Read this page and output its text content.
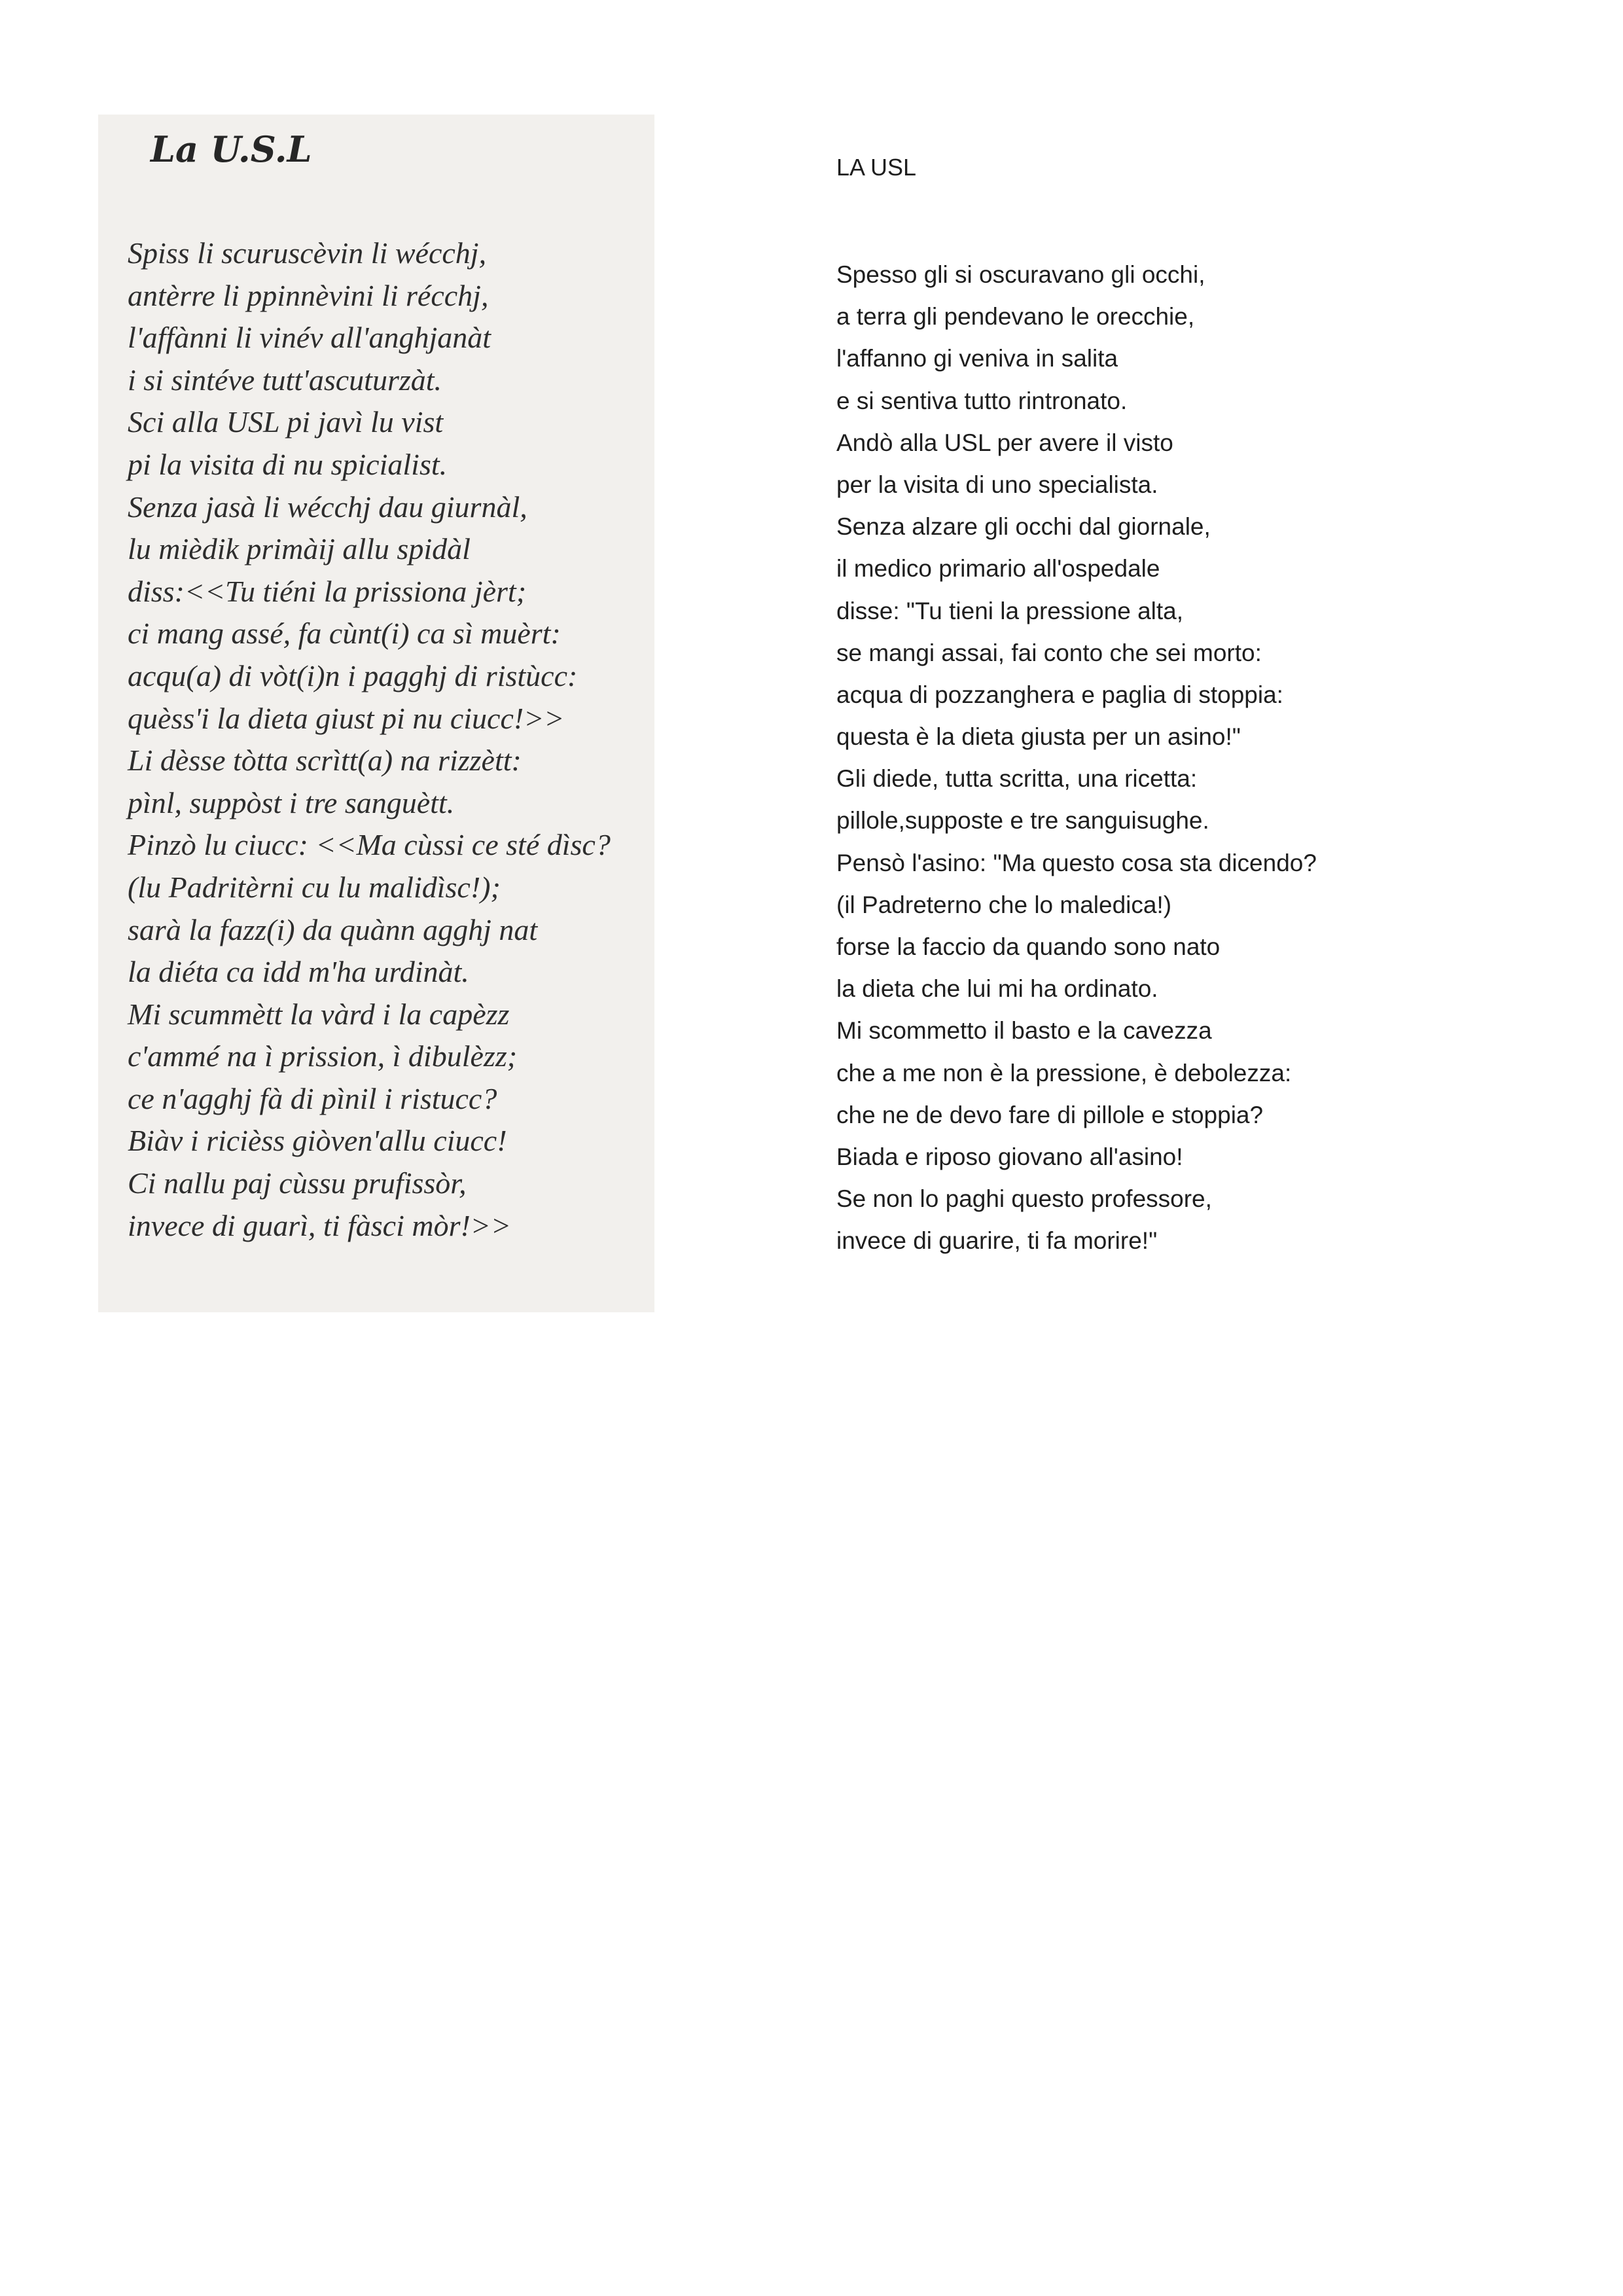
La U.S.L
Spiss li scuruscèvin li wécchj,
antèrre li ppinnèvini li récchj,
l'affànni li vinév all'anghjanàt
i si sintéve tutt'ascuturzàt.
Sci alla USL pi javì lu vist
pi la visita di nu spicialist.
Senza jasà li wécchj dau giurnàl,
lu mièdik primàij allu spidàl
diss:<<Tu tiéni la prissiona jèrt;
ci mang assé, fa cùnt(i) ca sì muèrt:
acqu(a) di vòt(i)n i pagghj di ristùcc:
quèss'i la dieta giust pi nu ciucc!>>
Li dèsse tòtta scrìtt(a) na rizzètt:
pìnl, suppòst i tre sanguètt.
Pinzò lu ciucc: <<Ma cùssi ce sté dìsc?
(lu Padritèrni cu lu malidìsc!);
sarà la fazz(i) da quànn agghj nat
la diéta ca idd m'ha urdinàt.
Mi scummètt la vàrd i la capèzz
c'ammé na ì prission, ì dibulèzz;
ce n'agghj fà di pìnil i ristucc?
Biàv i ricièss giòven'allu ciucc!
Ci nallu paj cùssu prufissòr,
invece di guarì, ti fàsci mòr!>>
LA USL
Spesso gli si oscuravano gli occhi,
a terra gli pendevano le orecchie,
l'affanno gi veniva in salita
e si sentiva tutto rintronato.
Andò alla USL per avere il visto
per la visita di uno specialista.
Senza alzare gli occhi dal giornale,
il medico primario all'ospedale
disse: "Tu tieni la pressione alta,
se mangi assai, fai conto che sei morto:
acqua di pozzanghera e paglia di stoppia:
questa è la dieta giusta per un asino!"
Gli diede, tutta scritta, una ricetta:
pillole,supposte e tre sanguisughe.
Pensò l'asino: "Ma questo cosa sta dicendo?
(il Padreterno che lo maledica!)
forse la faccio da quando sono nato
la dieta che lui mi ha ordinato.
Mi scommetto il basto e la cavezza
che a me non è la pressione, è debolezza:
che ne de devo fare di pillole e stoppia?
Biada e riposo giovano all'asino!
Se non lo paghi questo professore,
invece di guarire, ti fa morire!"
